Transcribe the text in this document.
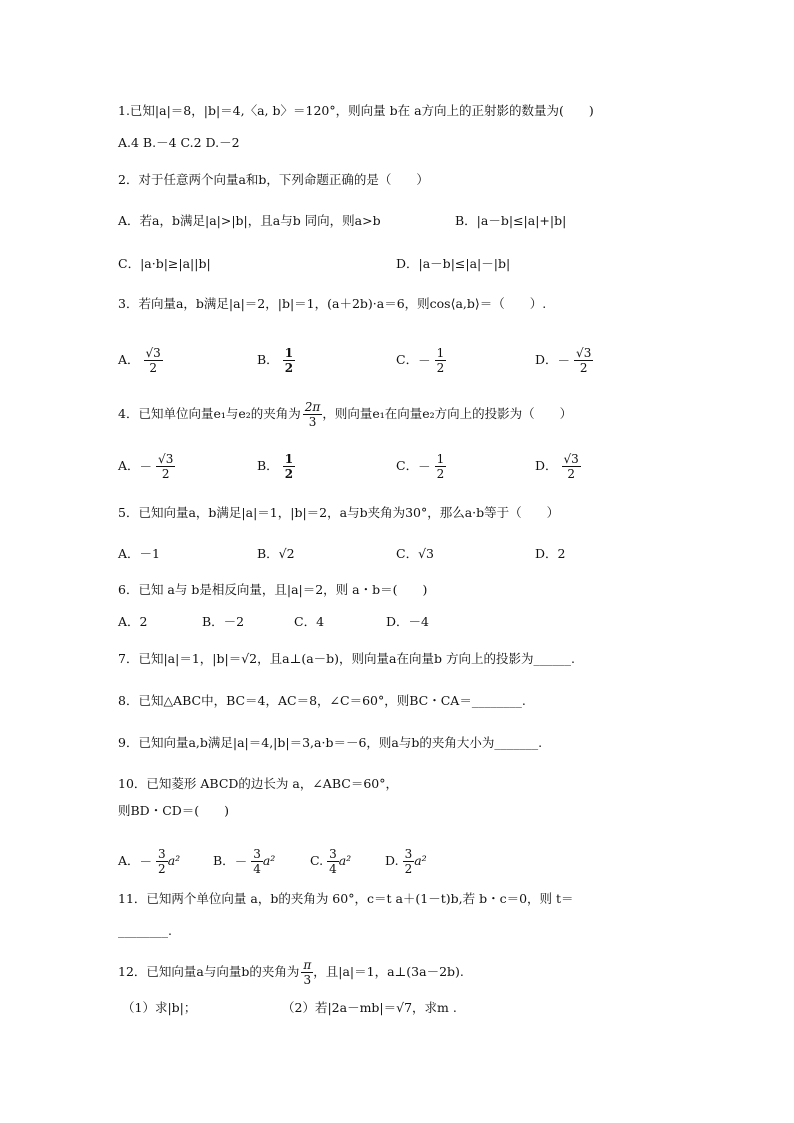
1.已知|a|＝8，|b|＝4,〈a, b〉＝120°，则向量 b在 a方向上的正射影的数量为(　　)
A.4 B.－4 C.2 D.－2
2．对于任意两个向量a和b，下列命题正确的是（　　）
A．若a，b满足|a|>|b|，且a与b 同向，则a>b	B．|a－b|≤|a|+|b|
C．|a·b|≥|a||b|	D．|a－b|≤|a|－|b|
3．若向量a，b满足|a|＝2，|b|＝1，(a＋2b)·a＝6，则cos⟨a,b⟩＝（　　）.
A． $\frac{√3}{2}$	B． $\frac{1}{2}$	C．－ $\frac{1}{2}$	D．－ $\frac{√3}{2}$
4．已知单位向量e₁与e₂的夹角为 $\frac{2\pi}{3}$ ，则向量e₁在向量e₂方向上的投影为（　　）
A．－ $\frac{√3}{2}$	B． $\frac{1}{2}$	C．－ $\frac{1}{2}$	D． $\frac{√3}{2}$
5．已知向量a，b满足|a|＝1，|b|＝2，a与b夹角为30°，那么a·b等于（　　）
A．－1	B．√2	C．√3	D．2
6．已知 a与 b是相反向量，且|a|＝2，则 a・b＝(　　)
A．2	B．－2	C．4	D．－4
7．已知|a|＝1，|b|＝√2，且a⊥(a－b)，则向量a在向量b 方向上的投影为______.
8．已知△ABC中，BC＝4，AC＝8，∠C＝60°，则BC・CA＝________.
9．已知向量a,b满足|a|＝4,|b|＝3,a·b＝－6，则a与b的夹角大小为_______.
10．已知菱形 ABCD的边长为 a，∠ABC＝60°，
则BD・CD＝(　　)
A．－ $\frac{3}{2} a^2$	B．－ $\frac{3}{4} a^2$	C. $\frac{3}{4} a^2$	D. $\frac{3}{2} a^2$
11．已知两个单位向量 a，b的夹角为 60°，c＝t a＋(1－t)b,若 b・c＝0，则 t＝
________.
12．已知向量a与向量b的夹角为 $\frac{\pi}{3}$ ，且|a|＝1，a⊥(3a－2b).
（1）求|b|；	（2）若|2a－mb|＝√7，求m .
